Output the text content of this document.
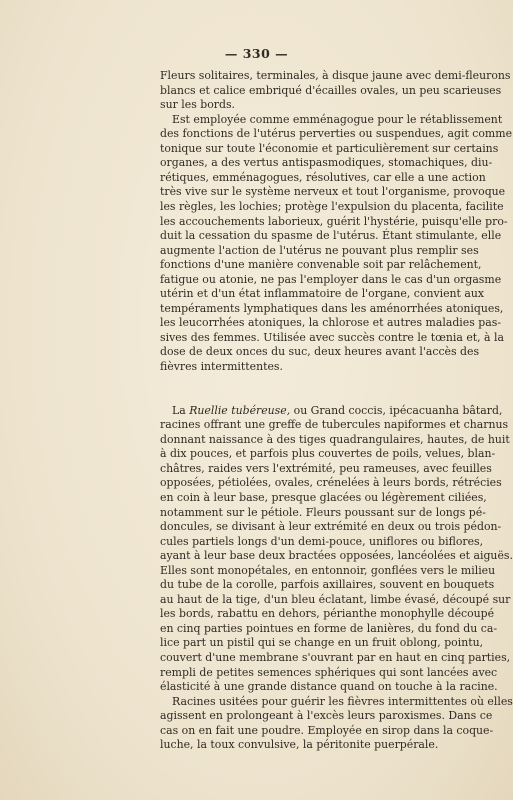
— 330 —
Fleurs solitaires, terminales, à disque jaune avec demi-fleurons
blancs et calice embriqué d'écailles ovales, un peu scarieuses
sur les bords.
Est employée comme emménagogue pour le rétablissement
des fonctions de l'utérus perverties ou suspendues, agit comme
tonique sur toute l'économie et particulièrement sur certains
organes, a des vertus antispasmodiques, stomachiques, diu-
rétiques, emménagogues, résolutives, car elle a une action
très vive sur le système nerveux et tout l'organisme, provoque
les règles, les lochies; protège l'expulsion du placenta, facilite
les accouchements laborieux, guérit l'hystérie, puisqu'elle pro-
duit la cessation du spasme de l'utérus. Étant stimulante, elle
augmente l'action de l'utérus ne pouvant plus remplir ses
fonctions d'une manière convenable soit par relâchement,
fatigue ou atonie, ne pas l'employer dans le cas d'un orgasme
utérin et d'un état inflammatoire de l'organe, convient aux
tempéraments lymphatiques dans les aménorrhées atoniques,
les leucorrhées atoniques, la chlorose et autres maladies pas-
sives des femmes. Utilisée avec succès contre le tœnia et, à la
dose de deux onces du suc, deux heures avant l'accès des
fièvres intermittentes.
La Ruellie tubéreuse, ou Grand coccis, ipécacuanha bâtard,
racines offrant une greffe de tubercules napiformes et charnus
donnant naissance à des tiges quadrangulaires, hautes, de huit
à dix pouces, et parfois plus couvertes de poils, velues, blan-
châtres, raides vers l'extrémité, peu rameuses, avec feuilles
opposées, pétiolées, ovales, crénelées à leurs bords, rétrécies
en coin à leur base, presque glacées ou légèrement ciliées,
notamment sur le pétiole. Fleurs poussant sur de longs pé-
doncules, se divisant à leur extrémité en deux ou trois pédon-
cules partiels longs d'un demi-pouce, uniflores ou biflores,
ayant à leur base deux bractées opposées, lancéolées et aiguës.
Elles sont monopétales, en entonnoir, gonflées vers le milieu
du tube de la corolle, parfois axillaires, souvent en bouquets
au haut de la tige, d'un bleu éclatant, limbe évasé, découpé sur
les bords, rabattu en dehors, périanthe monophylle découpé
en cinq parties pointues en forme de lanières, du fond du ca-
lice part un pistil qui se change en un fruit oblong, pointu,
couvert d'une membrane s'ouvrant par en haut en cinq parties,
rempli de petites semences sphériques qui sont lancées avec
élasticité à une grande distance quand on touche à la racine.
Racines usitées pour guérir les fièvres intermittentes où elles
agissent en prolongeant à l'excès leurs paroxismes. Dans ce
cas on en fait une poudre. Employée en sirop dans la coque-
luche, la toux convulsive, la péritonite puerpérale.
